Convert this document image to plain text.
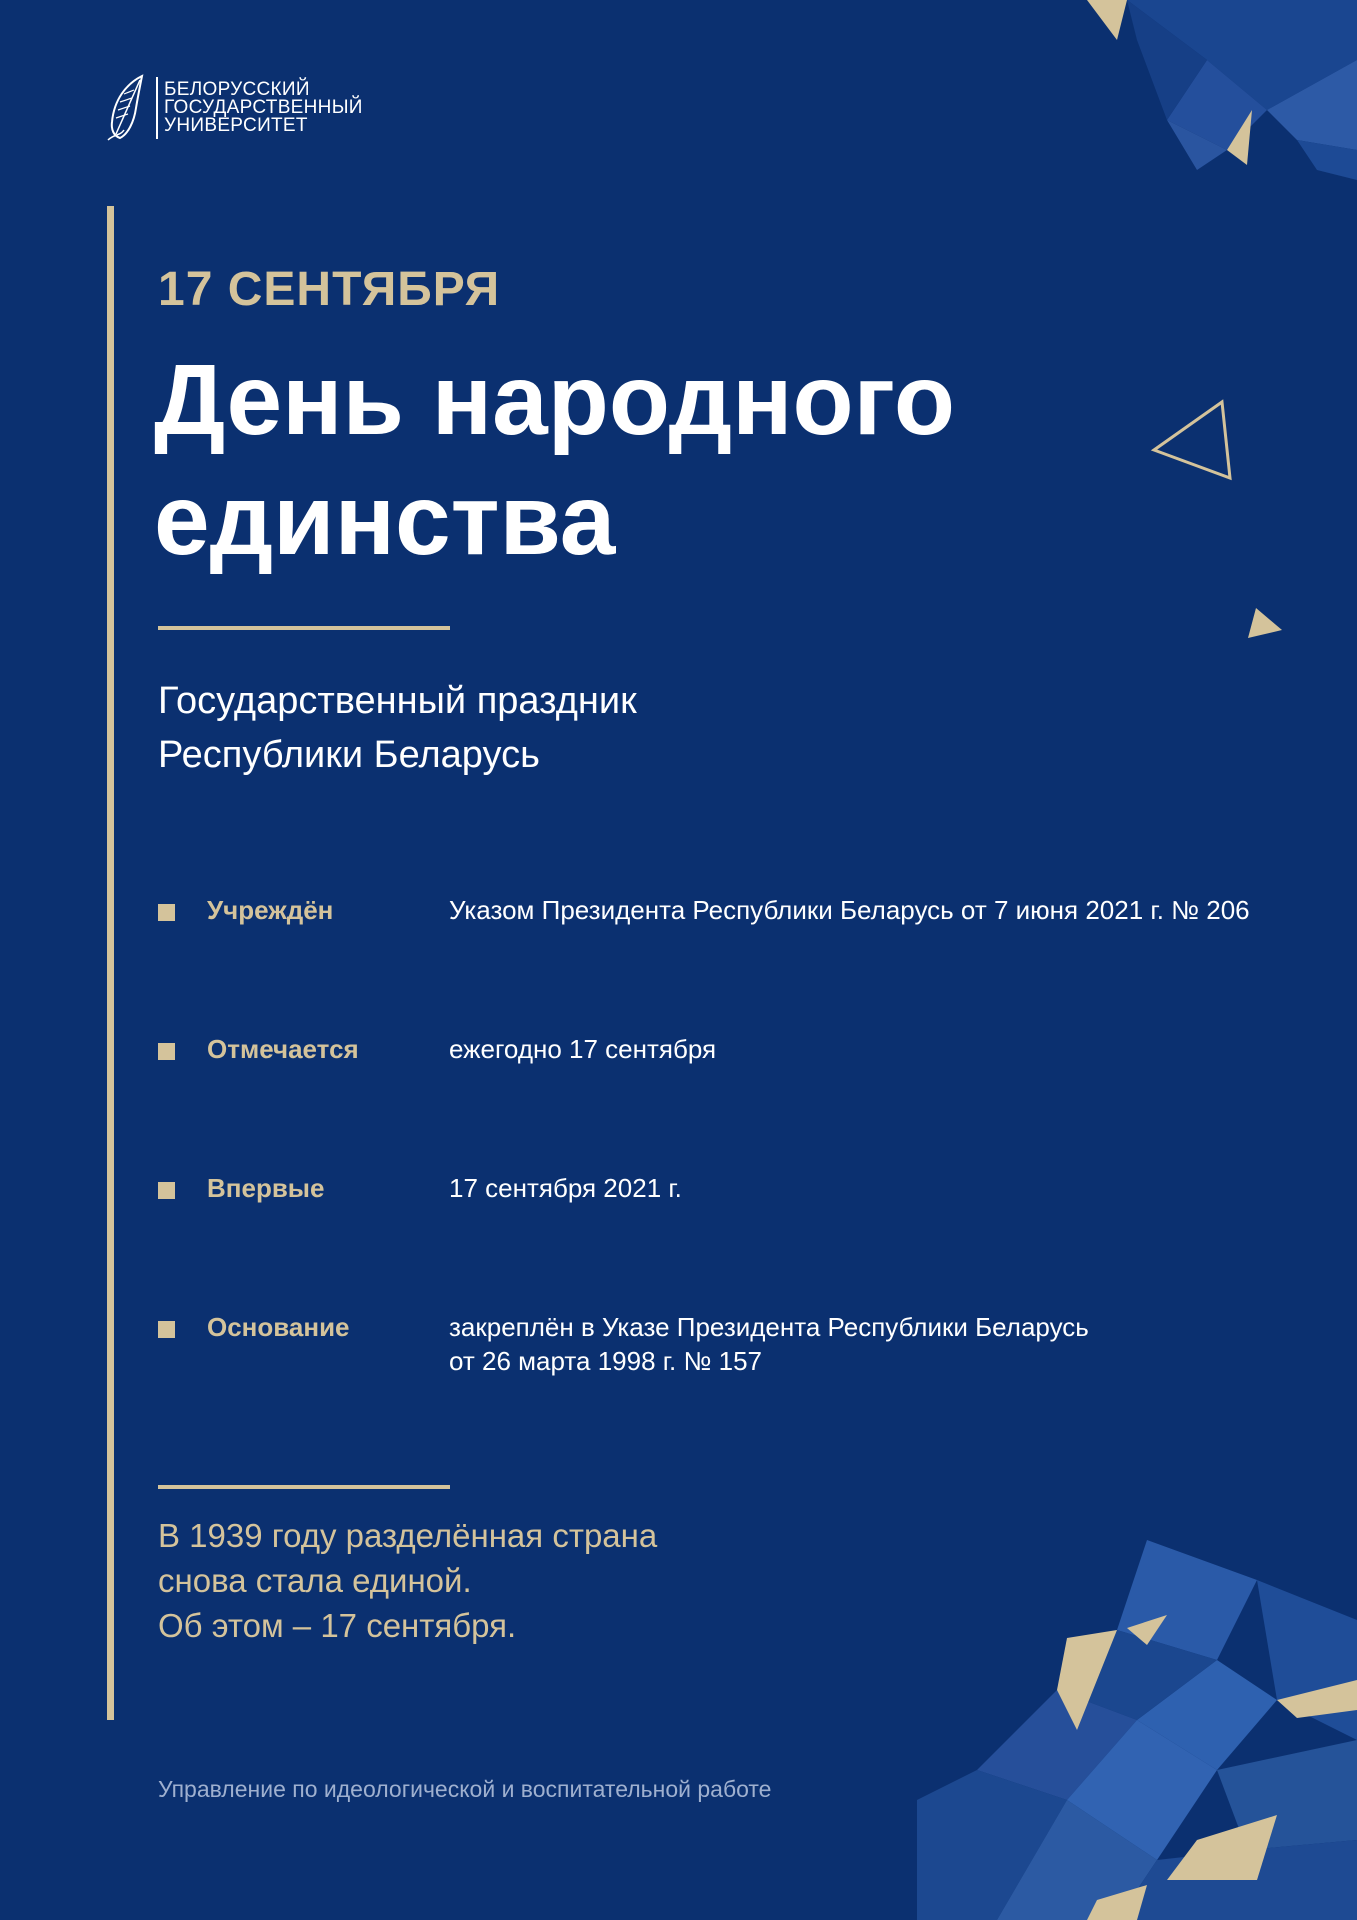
БЕЛОРУССКИЙ
ГОСУДАРСТВЕННЫЙ
УНИВЕРСИТЕТ
17 СЕНТЯБРЯ
День народного
единства
Государственный праздник
Республики Беларусь
Учреждён	Указом Президента Республики Беларусь от 7 июня 2021 г. № 206
Отмечается	ежегодно 17 сентября
Впервые	17 сентября 2021 г.
Основание	закреплён в Указе Президента Республики Беларусь
от 26 марта 1998 г. № 157
В 1939 году разделённая страна
снова стала единой.
Об этом – 17 сентября.
Управление по идеологической и воспитательной работе
